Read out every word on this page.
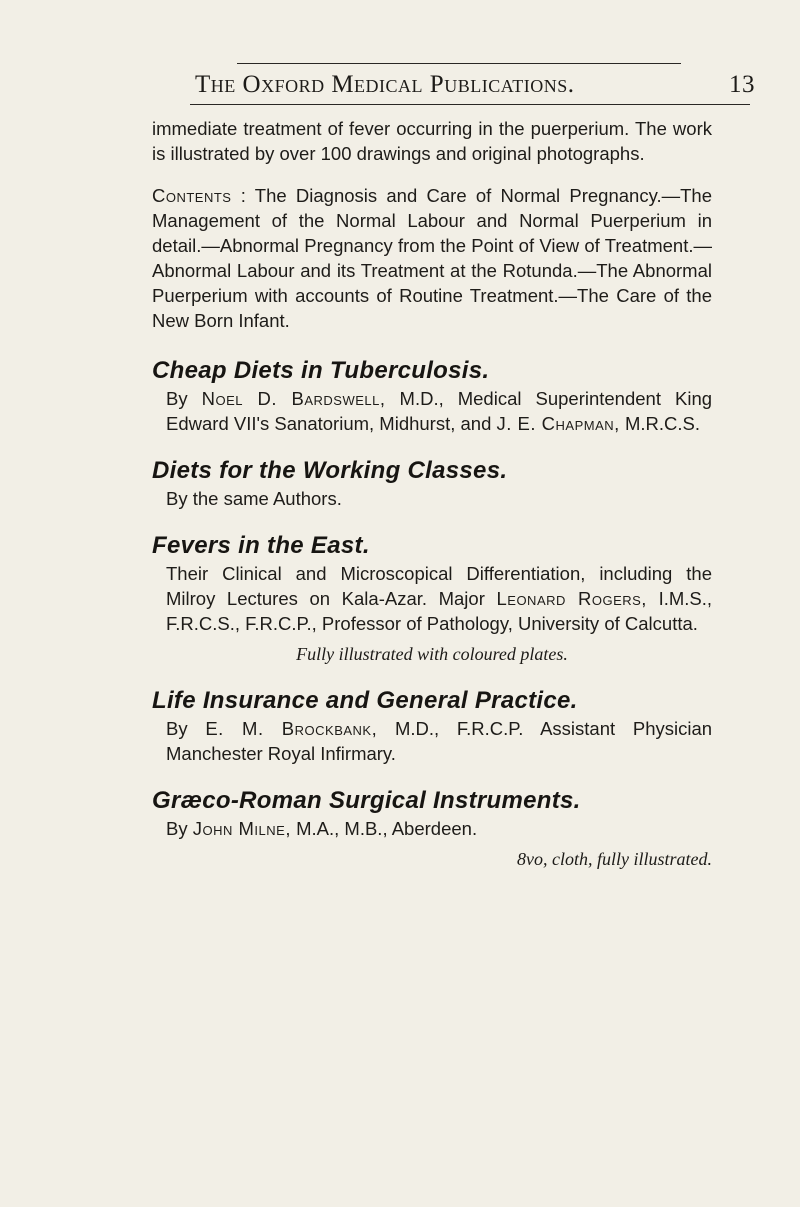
The Oxford Medical Publications.	13

immediate treatment of fever occurring in the puerperium. The work is illustrated by over 100 drawings and original photographs.

Contents : The Diagnosis and Care of Normal Pregnancy.—The Management of the Normal Labour and Normal Puerperium in detail.—Abnormal Pregnancy from the Point of View of Treatment.—Abnormal Labour and its Treatment at the Rotunda.—The Abnormal Puerperium with accounts of Routine Treatment.—The Care of the New Born Infant.

Cheap Diets in Tuberculosis.

By Noel D. Bardswell, M.D., Medical Superintendent King Edward VII's Sanatorium, Midhurst, and J. E. Chapman, M.R.C.S.

Diets for the Working Classes.

By the same Authors.

Fevers in the East.

Their Clinical and Microscopical Differentiation, including the Milroy Lectures on Kala-Azar. Major Leonard Rogers, I.M.S., F.R.C.S., F.R.C.P., Professor of Pathology, University of Calcutta.

Fully illustrated with coloured plates.

Life Insurance and General Practice.

By E. M. Brockbank, M.D., F.R.C.P. Assistant Physician Manchester Royal Infirmary.

Græco-Roman Surgical Instruments.

By John Milne, M.A., M.B., Aberdeen.

8vo, cloth, fully illustrated.
